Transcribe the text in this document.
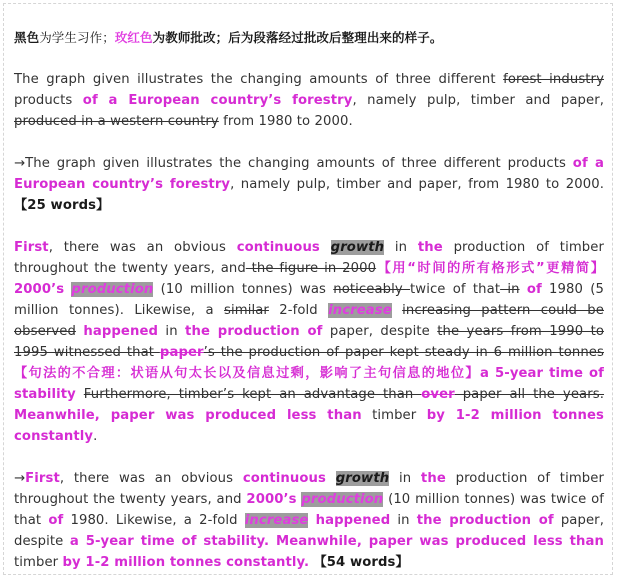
黑色为学生习作；玫红色为教师批改；后为段落经过批改后整理出来的样子。

The graph given illustrates the changing amounts of three different forest industry products of a European country’s forestry, namely pulp, timber and paper, produced in a western country from 1980 to 2000.

→The graph given illustrates the changing amounts of three different products of a European country’s forestry, namely pulp, timber and paper, from 1980 to 2000. 【25 words】

First, there was an obvious continuous growth in the production of timber throughout the twenty years, and the figure in 2000【用“时间的所有格形式”更精简】2000’s production (10 million tonnes) was noticeably twice of that in of 1980 (5 million tonnes). Likewise, a similar 2-fold increase increasing pattern could be observed happened in the production of paper, despite the years from 1990 to 1995 witnessed that paper’s the production of paper kept steady in 6 million tonnes【句法的不合理：状语从句太长以及信息过剩，影响了主句信息的地位】a 5-year time of stability Furthermore, timber’s kept an advantage than over paper all the years. Meanwhile, paper was produced less than timber by 1-2 million tonnes constantly.

→First, there was an obvious continuous growth in the production of timber throughout the twenty years, and 2000’s production (10 million tonnes) was twice of that of 1980. Likewise, a 2-fold increase happened in the production of paper, despite a 5-year time of stability. Meanwhile, paper was produced less than timber by 1-2 million tonnes constantly. 【54 words】
